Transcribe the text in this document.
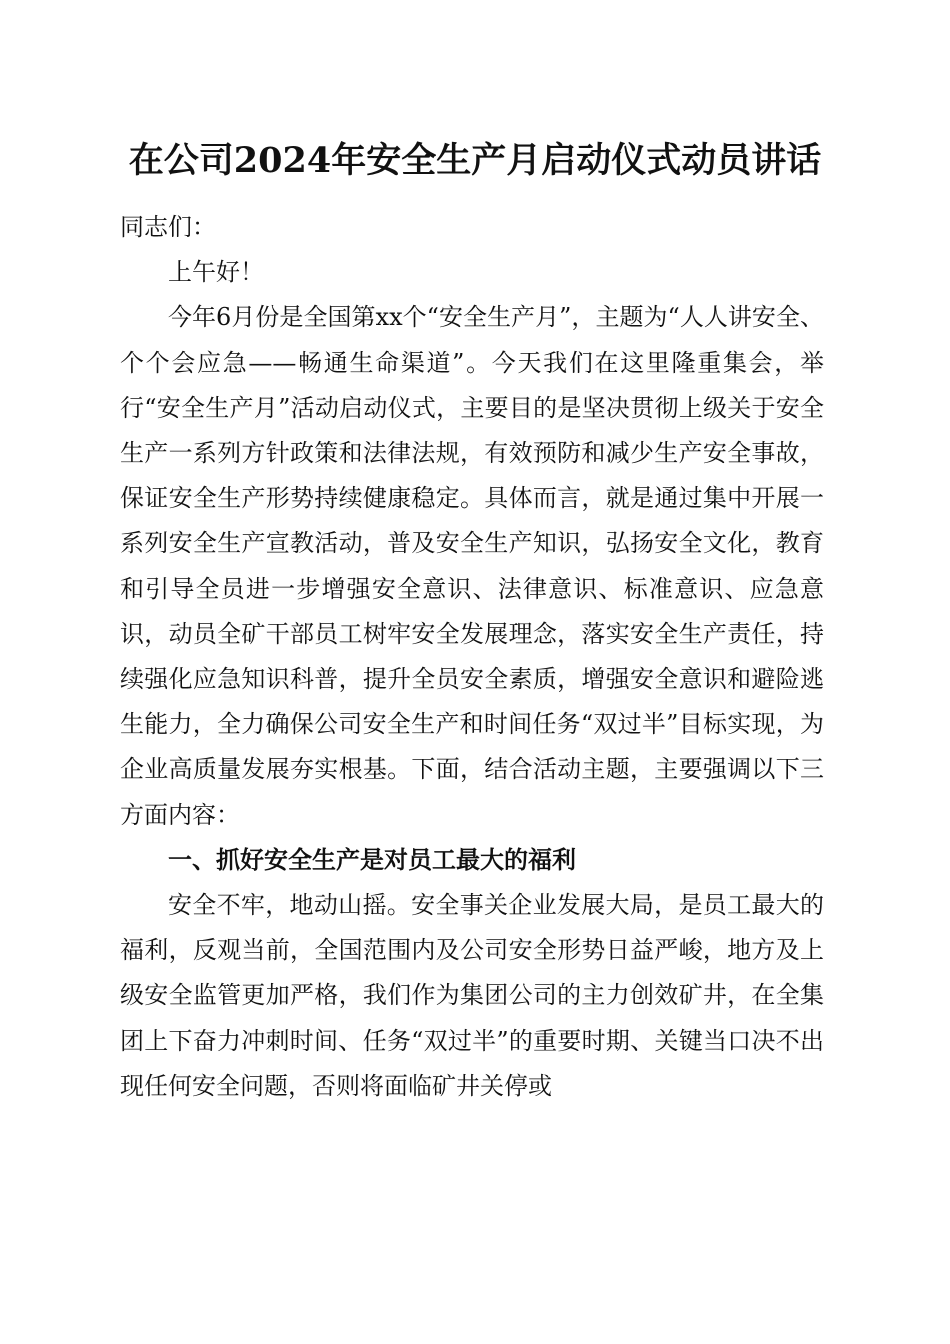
在公司2024年安全生产月启动仪式动员讲话

同志们：

上午好！

今年6月份是全国第xx个“安全生产月”，主题为“人人讲安全、个个会应急——畅通生命渠道”。今天我们在这里隆重集会，举行“安全生产月”活动启动仪式，主要目的是坚决贯彻上级关于安全生产一系列方针政策和法律法规，有效预防和减少生产安全事故，保证安全生产形势持续健康稳定。具体而言，就是通过集中开展一系列安全生产宣教活动，普及安全生产知识，弘扬安全文化，教育和引导全员进一步增强安全意识、法律意识、标准意识、应急意识，动员全矿干部员工树牢安全发展理念，落实安全生产责任，持续强化应急知识科普，提升全员安全素质，增强安全意识和避险逃生能力，全力确保公司安全生产和时间任务“双过半”目标实现，为企业高质量发展夯实根基。下面，结合活动主题，主要强调以下三方面内容：

一、抓好安全生产是对员工最大的福利

安全不牢，地动山摇。安全事关企业发展大局，是员工最大的福利，反观当前，全国范围内及公司安全形势日益严峻，地方及上级安全监管更加严格，我们作为集团公司的主力创效矿井，在全集团上下奋力冲刺时间、任务“双过半”的重要时期、关键当口决不出现任何安全问题，否则将面临矿井关停或
